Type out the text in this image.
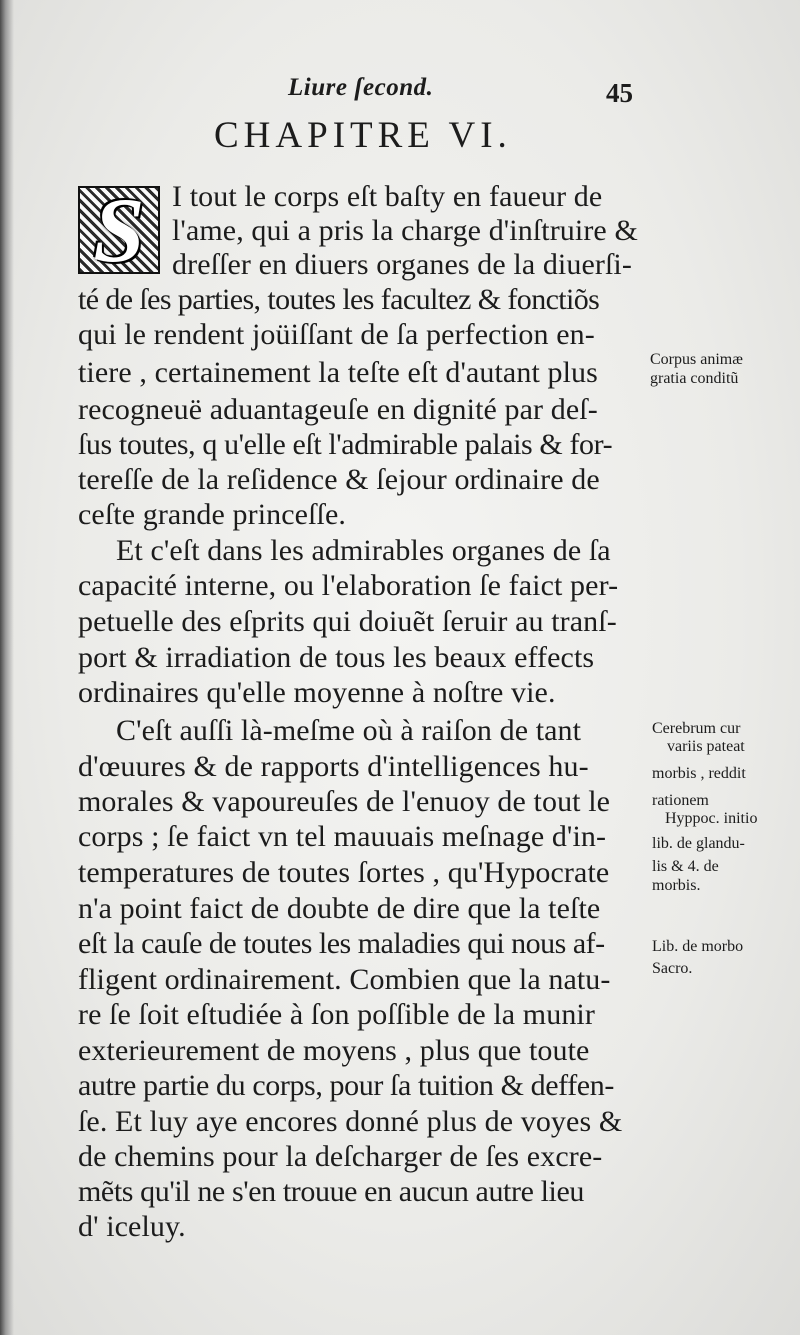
Liure ſecond.	45
CHAPITRE VI.
S I tout le corps eſt baſty en faueur de
l'ame, qui a pris la charge d'inſtruire &
dreſſer en diuers organes de la diuerſi-
té de ſes parties, toutes les facultez & fonctiõs
qui le rendent joüiſſant de ſa perfection en-
tiere , certainement la teſte eſt d'autant plus
recogneuë aduantageuſe en dignité par deſ-
ſus toutes, q u'elle eſt l'admirable palais & for-
tereſſe de la reſidence & ſejour ordinaire de
ceſte grande princeſſe.
Et c'eſt dans les admirables organes de ſa
capacité interne, ou l'elaboration ſe faict per-
petuelle des eſprits qui doiuẽt ſeruir au tranſ-
port & irradiation de tous les beaux effects
ordinaires qu'elle moyenne à noſtre vie.
C'eſt auſſi là-meſme où à raiſon de tant
d'œuures & de rapports d'intelligences hu-
morales & vapoureuſes de l'enuoy de tout le
corps ; ſe faict vn tel mauuais meſnage d'in-
temperatures de toutes ſortes , qu'Hypocrate
n'a point faict de doubte de dire que la teſte
eſt la cauſe de toutes les maladies qui nous af-
fligent ordinairement. Combien que la natu-
re ſe ſoit eſtudiée à ſon poſſible de la munir
exterieurement de moyens , plus que toute
autre partie du corps, pour ſa tuition & deffen-
ſe. Et luy aye encores donné plus de voyes &
de chemins pour la deſcharger de ſes excre-
mẽts qu'il ne s'en trouue en aucun autre lieu
d' iceluy.
Corpus animæ
gratia conditũ
Cerebrum cur
variis pateat
morbis , reddit
rationem
Hyppoc. initio
lib. de glandu-
lis & 4. de
morbis.
Lib. de morbo
Sacro.
